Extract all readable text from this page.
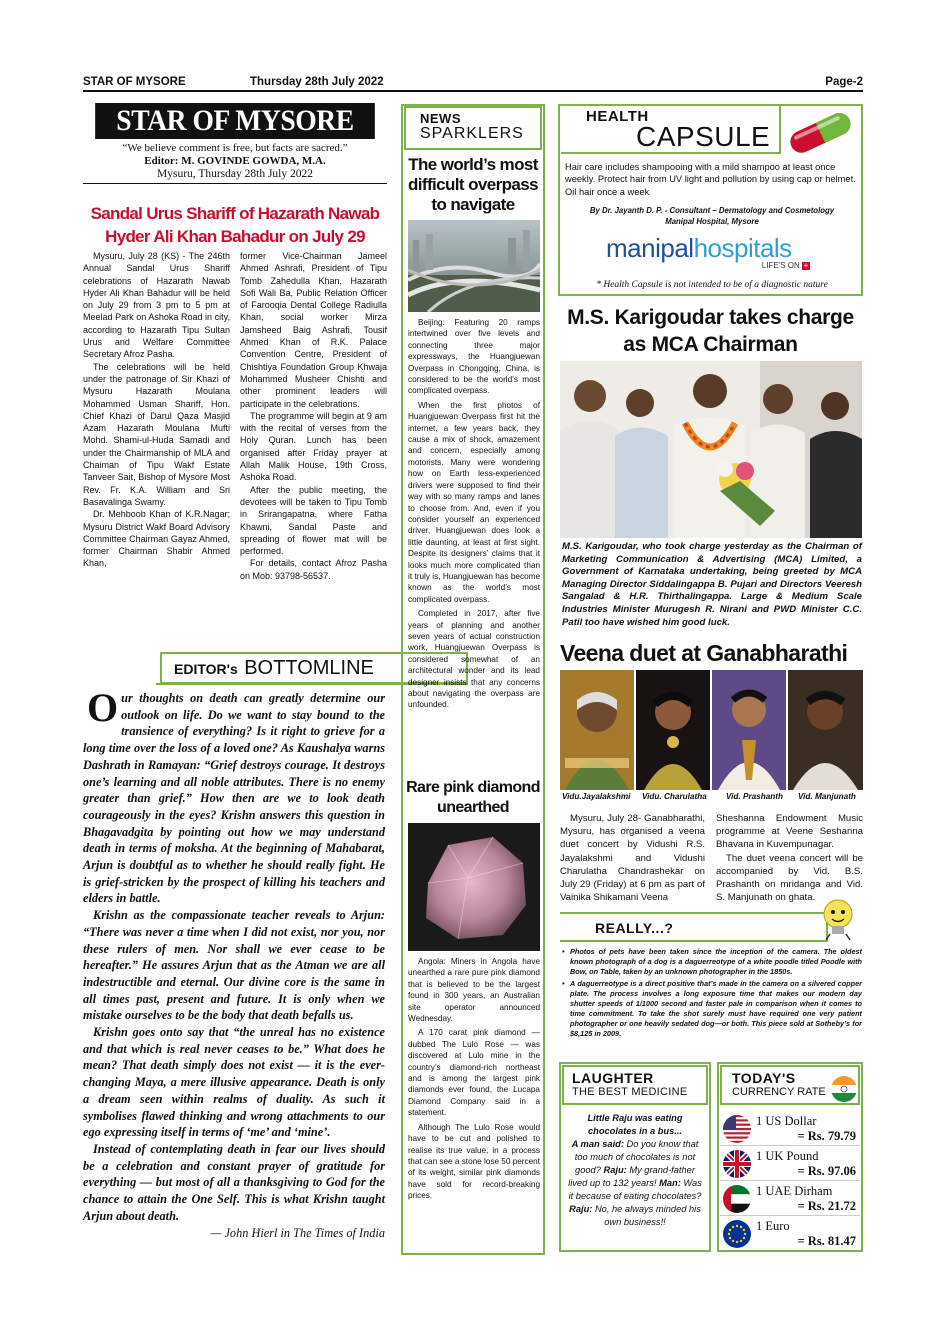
STAR OF MYSORE	Thursday 28th July 2022	Page-2
STAR OF MYSORE
“We believe comment is free, but facts are sacred.”
Editor: M. GOVINDE GOWDA, M.A.
Mysuru, Thursday 28th July 2022
Sandal Urus Shariff of Hazarath Nawab
Hyder Ali Khan Bahadur on July 29

Mysuru, July 28 (KS) - The 246th Annual Sandal Urus Shariff celebrations of Hazarath Nawab Hyder Ali Khan Bahadur will be held on July 29 from 3 pm to 5 pm at Meelad Park on Ashoka Road in city, according to Hazarath Tipu Sultan Urus and Welfare Committee Secretary Afroz Pasha.

The celebrations will be held under the patronage of Sir Khazi of Mysuru Hazarath Moulana Mohammed Usman Shariff, Hon. Chief Khazi of Darul Qaza Masjid Azam Hazarath Moulana Mufti Mohd. Shami-ul-Huda Samadi and under the Chairmanship of MLA and Chaiman of Tipu Wakf Estate Tanveer Sait, Bishop of Mysore Most Rev. Fr. K.A. William and Sri Basavalinga Swamy.

Dr. Mehboob Khan of K.R.Nagar; Mysuru District Wakf Board Advisory Committee Chairman Gayaz Ahmed, former Chairman Shabir Ahmed Khan,

former Vice-Chairman Jameel Ahmed Ashrafi, President of Tipu Tomb Zahedulla Khan, Hazarath Sofi Wali Ba, Public Relation Officer of Farooqia Dental College Radiulla Khan, social worker Mirza Jamsheed Baig Ashrafi, Tousif Ahmed Khan of R.K. Palace Convention Centre, President of Chishtiya Foundation Group Khwaja Mohammed Musheer Chishti and other prominent leaders will participate in the celebrations.

The programme will begin at 9 am with the recital of verses from the Holy Quran. Lunch has been organised after Friday prayer at Allah Malik House, 19th Cross, Ashoka Road.

After the public meeting, the devotees will be taken to Tipu Tomb in Srirangapatna, where Fatha Khawni, Sandal Paste and spreading of flower mat will be performed.

For details, contact Afroz Pasha on Mob: 93798-56537.

EDITOR's BOTTOMLINE

Our thoughts on death can greatly determine our outlook on life. Do we want to stay bound to the transience of everything? Is it right to grieve for a long time over the loss of a loved one? As Kaushalya warns Dashrath in Ramayan: “Grief destroys courage. It destroys one’s learning and all noble attributes. There is no enemy greater than grief.” How then are we to look death courageously in the eyes? Krishn answers this question in Bhagavadgita by pointing out how we may understand death in terms of moksha. At the beginning of Mahabarat, Arjun is doubtful as to whether he should really fight. He is grief-stricken by the prospect of killing his teachers and elders in battle.

Krishn as the compassionate teacher reveals to Arjun: “There was never a time when I did not exist, nor you, nor these rulers of men. Nor shall we ever cease to be hereafter.” He assures Arjun that as the Atman we are all indestructible and eternal. Our divine core is the same in all times past, present and future. It is only when we mistake ourselves to be the body that death befalls us.

Krishn goes onto say that “the unreal has no existence and that which is real never ceases to be.” What does he mean? That death simply does not exist — it is the ever-changing Maya, a mere illusive appearance. Death is only a dream seen within realms of duality. As such it symbolises flawed thinking and wrong attachments to our ego expressing itself in terms of ‘me’ and ‘mine’.

Instead of contemplating death in fear our lives should be a celebration and constant prayer of gratitude for everything — but most of all a thanksgiving to God for the chance to attain the One Self. This is what Krishn taught Arjun about death.

— John Hierl in The Times of India

NEWS
SPARKLERS
The world’s most difficult overpass to navigate

Beijing: Featuring 20 ramps intertwined over five levels and connecting three major expressways, the Huangjuewan Overpass in Chongqing, China, is considered to be the world’s most complicated overpass.

When the first photos of Huangjuewan Overpass first hit the internet, a few years back, they cause a mix of shock, amazement and concern, especially among motorists. Many were wondering how on Earth less-experienced drivers were supposed to find their way with so many ramps and lanes to choose from. And, even if you consider yourself an experienced driver, Huangjuewan does look a little daunting, at least at first sight. Despite its designers’ claims that it looks much more complicated than it truly is, Huangjuewan has become known as the world’s most complicated overpass.

Completed in 2017, after five years of planning and another seven years of actual construction work, Huangjuewan Overpass is considered somewhat of an architectural wonder and its lead designer insists that any concerns about navigating the overpass are unfounded.

Rare pink diamond unearthed

Angola: Miners in Angola have unearthed a rare pure pink diamond that is believed to be the largest found in 300 years, an Australian site operator announced Wednesday.

A 170 carat pink diamond — dubbed The Lulo Rose — was discovered at Lulo mine in the country’s diamond-rich northeast and is among the largest pink diamonds ever found, the Lucapa Diamond Company said in a statement.

Although The Lulo Rose would have to be cut and polished to realise its true value, in a process that can see a stone lose 50 percent of its weight, similar pink diamonds have sold for record-breaking prices.

HEALTH
CAPSULE
Hair care includes shampooing with a mild shampoo at least once weekly. Protect hair from UV light and pollution by using cap or helmet. Oil hair once a week
By Dr. Jayanth D. P. - Consultant – Dermatology and Cosmetology
Manipal Hospital, Mysore
manipalhospitals
LIFE'S ON +
* Health Capsule is not intended to be of a diagnostic nature
M.S. Karigoudar takes charge
as MCA Chairman
M.S. Karigoudar, who took charge yesterday as the Chairman of Marketing Communication & Advertising (MCA) Limited, a Government of Karnataka undertaking, being greeted by MCA Managing Director Siddalingappa B. Pujari and Directors Veeresh Sangalad & H.R. Thirthalingappa. Large & Medium Scale Industries Minister Murugesh R. Nirani and PWD Minister C.C. Patil too have wished him good luck.
Veena duet at Ganabharathi
Vidu.Jayalakshmi Vidu. Charulatha Vid. Prashanth Vid. Manjunath

Mysuru, July 28- Ganabharathi, Mysuru, has organised a veena duet concert by Vidushi R.S. Jayalakshmi and Vidushi Charulatha Chandrashekar on July 29 (Friday) at 6 pm as part of Vainika Shikamani Veena

Sheshanna Endowment Music programme at Veene Seshanna Bhavana in Kuvempunagar.

The duet veena concert will be accompanied by Vid. B.S. Prashanth on mridanga and Vid. S. Manjunath on ghata.

REALLY...?
• Photos of pets have been taken since the inception of the camera. The oldest known photograph of a dog is a daguerreotype of a white poodle titled Poodle with Bow, on Table, taken by an unknown photographer in the 1850s.
• A daguerreotype is a direct positive that’s made in the camera on a silvered copper plate. The process involves a long exposure time that makes our modern day shutter speeds of 1/1000 second and faster pale in comparison when it comes to time commitment. To take the shot surely must have required one very patient photographer or one heavily sedated dog—or both. This piece sold at Sotheby’s for $8,125 in 2009.
LAUGHTER
THE BEST MEDICINE
Little Raju was eating chocolates in a bus...
A man said: Do you know that too much of chocolates is not good? Raju: My grand-father lived up to 132 years! Man: Was it because of eating chocolates? Raju: No, he always minded his own business!!
TODAY'S
CURRENCY RATE
1 US Dollar
= Rs. 79.79
1 UK Pound
= Rs. 97.06
1 UAE Dirham
= Rs. 21.72
1 Euro
= Rs. 81.47
